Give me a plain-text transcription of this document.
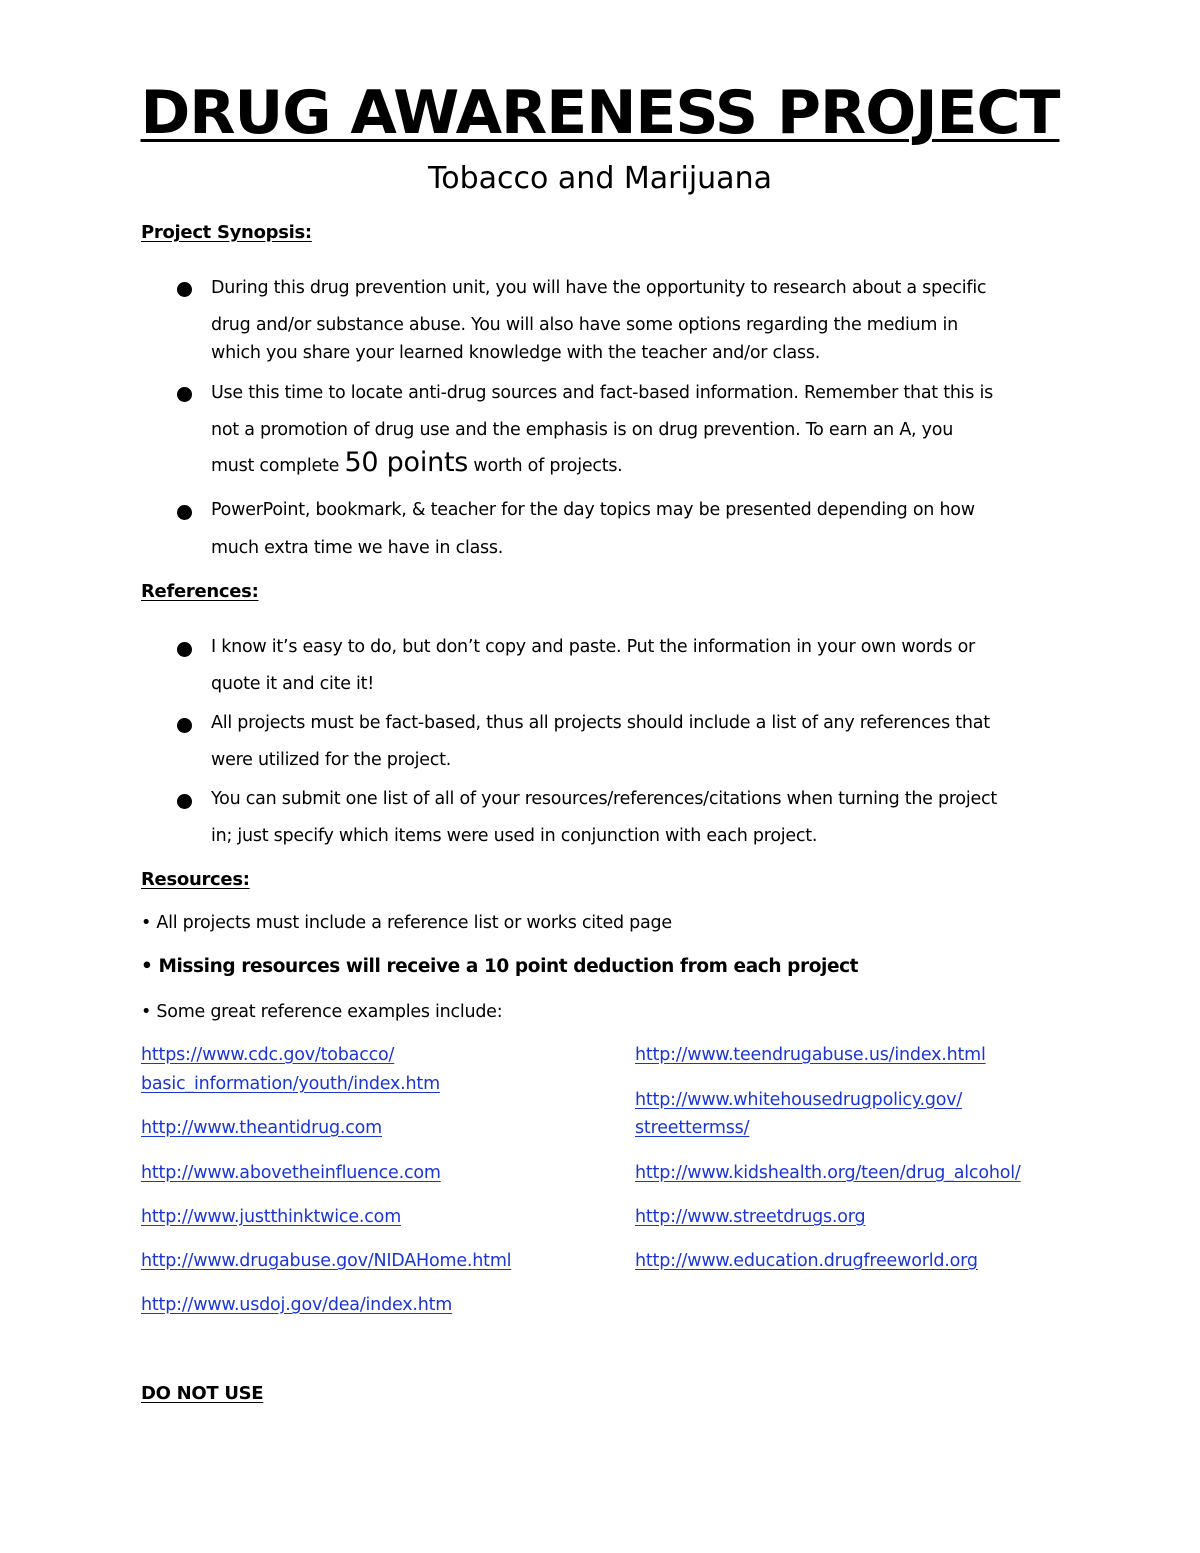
DRUG AWARENESS PROJECT
Tobacco and Marijuana
Project Synopsis:
During this drug prevention unit, you will have the opportunity to research about a specific
drug and/or substance abuse. You will also have some options regarding the medium in
which you share your learned knowledge with the teacher and/or class.
Use this time to locate anti-drug sources and fact-based information. Remember that this is
not a promotion of drug use and the emphasis is on drug prevention. To earn an A, you
must complete 50 points worth of projects.
PowerPoint, bookmark, & teacher for the day topics may be presented depending on how
much extra time we have in class.
References:
I know it’s easy to do, but don’t copy and paste. Put the information in your own words or
quote it and cite it!
All projects must be fact-based, thus all projects should include a list of any references that
were utilized for the project.
You can submit one list of all of your resources/references/citations when turning the project
in; just specify which items were used in conjunction with each project.
Resources:
• All projects must include a reference list or works cited page
• Missing resources will receive a 10 point deduction from each project
• Some great reference examples include:
https://www.cdc.gov/tobacco/
basic_information/youth/index.htm
http://www.theantidrug.com
http://www.abovetheinfluence.com
http://www.justthinktwice.com
http://www.drugabuse.gov/NIDAHome.html
http://www.usdoj.gov/dea/index.htm
http://www.teendrugabuse.us/index.html
http://www.whitehousedrugpolicy.gov/
streettermss/
http://www.kidshealth.org/teen/drug_alcohol/
http://www.streetdrugs.org
http://www.education.drugfreeworld.org
DO NOT USE
